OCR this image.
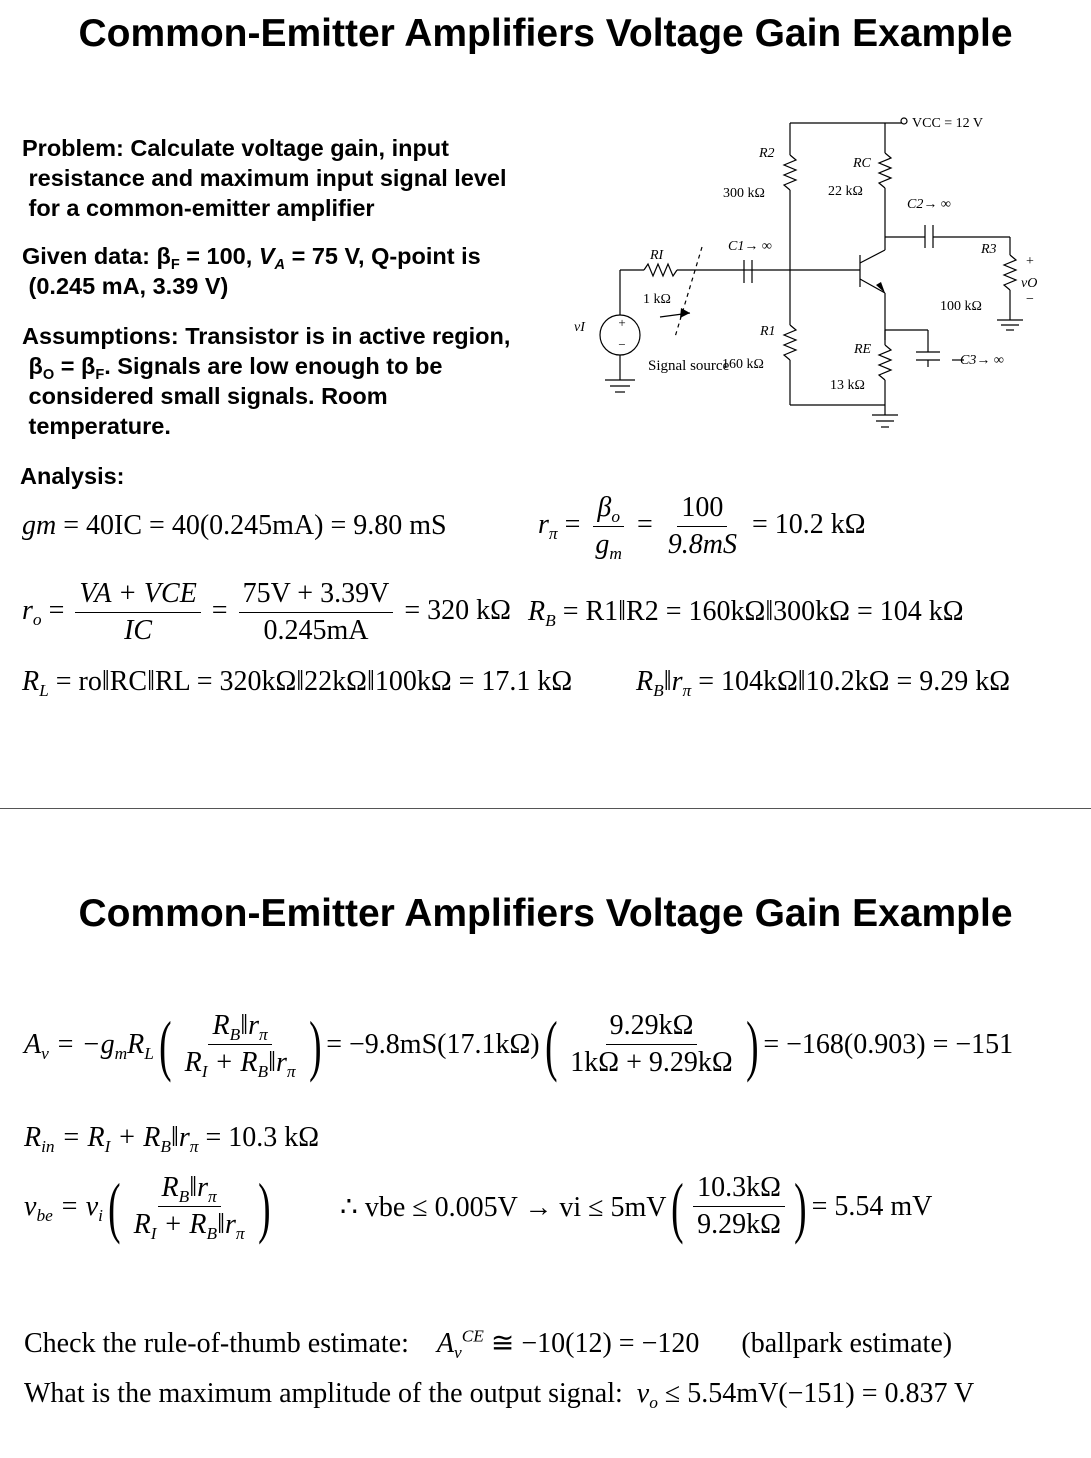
Common-Emitter Amplifiers Voltage Gain Example
Problem: Calculate voltage gain, input
resistance and maximum input signal level
for a common-emitter amplifier
Given data: $\beta_F = 100$, $V_A = 75$ V, Q-point is
(0.245 mA, 3.39 V)
Assumptions: Transistor is in active region,
$\beta_O = \beta_F$. Signals are low enough to be
considered small signals. Room
temperature.
Analysis:
+
−
VCC = 12 V
R2
300 kΩ
RC
22 kΩ
C1→ ∞
C2→ ∞
C3→ ∞
RI
1 kΩ
R1
160 kΩ
RE
13 kΩ
R3
100 kΩ
vI
vO
+
−
Signal source
gm = 40IC = 40(0.245mA) = 9.80 mS	$r_\pi = \frac{\beta_o}{g_m} = \frac{100}{9.8mS} = 10.2$ kΩ
$r_o = \frac{\text{VA + VCE}}{IC} = \frac{75V + 3.39V}{0.245mA} = 320$ kΩ $R_B$ = R1‖R2 = 160kΩ‖300kΩ = 104 kΩ
$R_L$ = ro‖RC‖RL = 320kΩ‖22kΩ‖100kΩ = 17.1 kΩ $R_B‖r_\pi$ = 104kΩ‖10.2kΩ = 9.29 kΩ
Common-Emitter Amplifiers Voltage Gain Example
$A_v = -g_mR_L$ ( $\frac{R_B‖r_\pi}{R_I + R_B‖r_\pi}$ ) = −9.8mS(17.1kΩ) ( $\frac{9.29k\Omega}{1k\Omega + 9.29k\Omega}$ ) = −168(0.903) = −151
$R_{in} = R_I$ + $R_B‖r_\pi = 10.3$ kΩ
$v_{be} = v_i$ ( $\frac{R_B‖r_\pi}{R_I + R_B‖r_\pi}$ ) ∴ vbe ≤ 0.005V → vi ≤ 5mV ( $\frac{10.3k\Omega}{9.29k\Omega}$ ) = 5.54 mV
Check the rule-of-thumb estimate: $A_v^{CE}$ ≅ −10(12) = −120 (ballpark estimate)
What is the maximum amplitude of the output signal: $v_o \le 5.54mV(-151) = 0.837$ V
